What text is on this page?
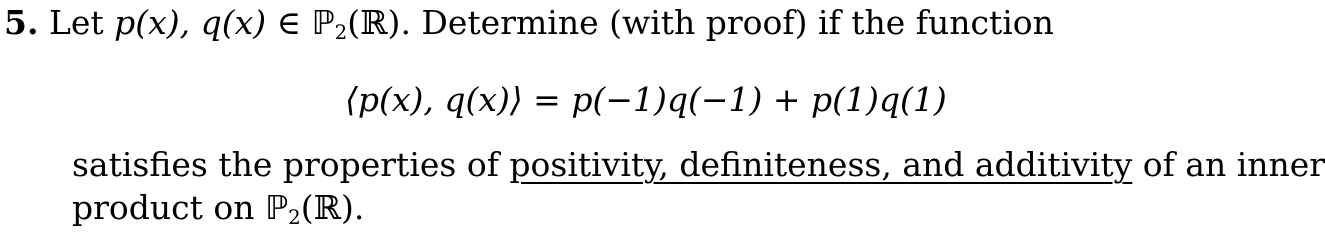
5. Let p(x), q(x) ∈ ℙ$_2$(ℝ). Determine (with proof) if the function
⟨p(x), q(x)⟩ = p(−1)q(−1) + p(1)q(1)
satisfies the properties of positivity, definiteness, and additivity of an inner
product on ℙ$_2$(ℝ).
